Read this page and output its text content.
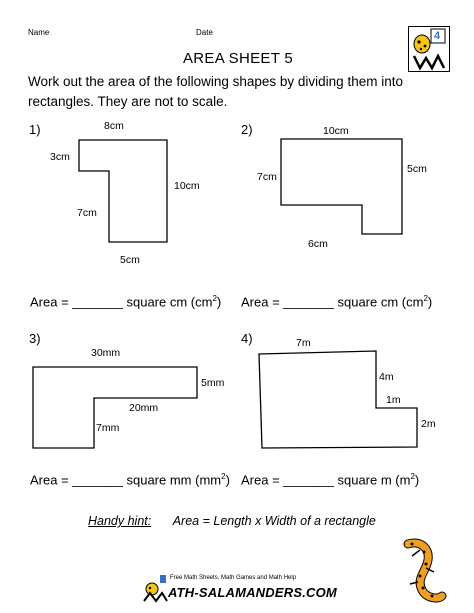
Name	Date	4
AREA SHEET 5
Work out the area of the following shapes by dividing them into
rectangles. They are not to scale.
1)	8cm
3cm
10cm
7cm
5cm
Area = _______ square cm $(cm^2)$
2)	10cm
7cm
5cm
6cm
Area = _______ square cm $(cm^2)$
3)
30mm
5mm
20mm
7mm
Area = _______ square mm $(mm^2)$
4)	7m
4m
1m
2m
Area = _______ square m $(m^2)$
Handy hint: Area = Length x Width of a rectangle
Free Math Sheets, Math Games and Math Help
ATH-SALAMANDERS.COM
